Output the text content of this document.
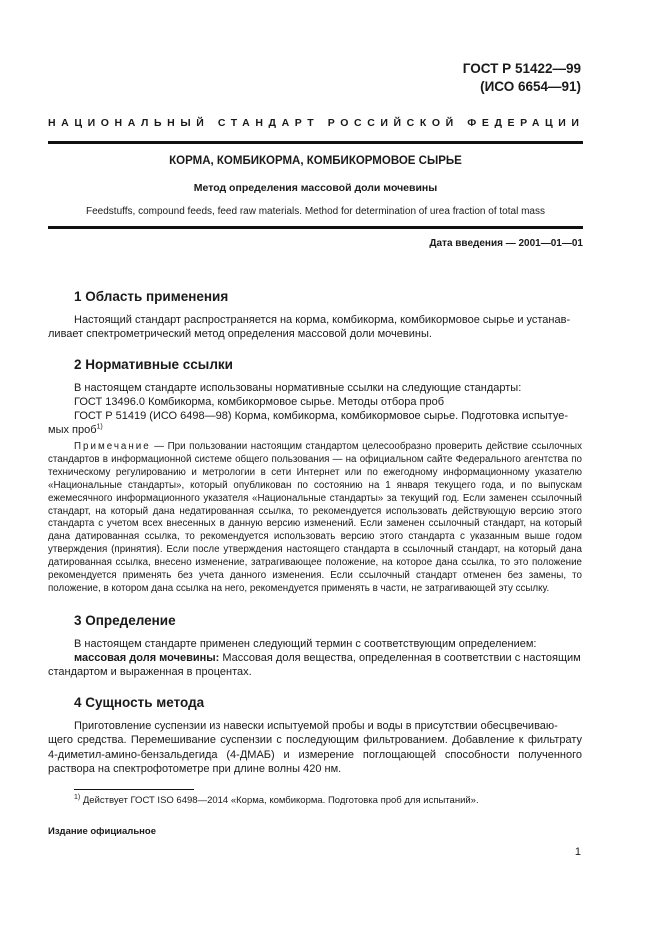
ГОСТ Р 51422—99
(ИСО 6654—91)
НАЦИОНАЛЬНЫЙ СТАНДАРТ РОССИЙСКОЙ ФЕДЕРАЦИИ
КОРМА, КОМБИКОРМА, КОМБИКОРМОВОЕ СЫРЬЕ
Метод определения массовой доли мочевины
Feedstuffs, compound feeds, feed raw materials. Method for determination of urea fraction of total mass
Дата введения — 2001—01—01
1 Область применения

Настоящий стандарт распространяется на корма, комбикорма, комбикормовое сырье и устанав-

ливает спектрометрический метод определения массовой доли мочевины.

2 Нормативные ссылки

В настоящем стандарте использованы нормативные ссылки на следующие стандарты:

ГОСТ 13496.0 Комбикорма, комбикормовое сырье. Методы отбора проб

ГОСТ Р 51419 (ИСО 6498—98) Корма, комбикорма, комбикормовое сырье. Подготовка испытуе-

мых проб$^{1)}$

Примечание — При пользовании настоящим стандартом целесообразно проверить действие ссылочных стандартов в информационной системе общего пользования — на официальном сайте Федерального агентства по техническому регулированию и метрологии в сети Интернет или по ежегодному информационному указателю «Национальные стандарты», который опубликован по состоянию на 1 января текущего года, и по выпускам ежемесячного информационного указателя «Национальные стандарты» за текущий год. Если заменен ссылочный стандарт, на который дана недатированная ссылка, то рекомендуется использовать действующую версию этого стандарта с учетом всех внесенных в данную версию изменений. Если заменен ссылочный стандарт, на который дана датированная ссылка, то рекомендуется использовать версию этого стандарта с указанным выше годом утверждения (принятия). Если после утверждения настоящего стандарта в ссылочный стандарт, на который дана датированная ссылка, внесено изменение, затрагивающее положение, на которое дана ссылка, то это положение рекомендуется применять без учета данного изменения. Если ссылочный стандарт отменен без замены, то положение, в котором дана ссылка на него, рекомендуется применять в части, не затрагивающей эту ссылку.
3 Определение

В настоящем стандарте применен следующий термин с соответствующим определением:

массовая доля мочевины: Массовая доля вещества, определенная в соответствии с настоящим

стандартом и выраженная в процентах.

4 Сущность метода

Приготовление суспензии из навески испытуемой пробы и воды в присутствии обесцвечиваю-

щего средства. Перемешивание суспензии с последующим фильтрованием. Добавление к фильтрату 4-диметил-амино-бензальдегида (4-ДМАБ) и измерение поглощающей способности полученного раствора на спектрофотометре при длине волны 420 нм.

$^{1)}$ Действует ГОСТ ISO 6498—2014 «Корма, комбикорма. Подготовка проб для испытаний».
Издание официальное
1
